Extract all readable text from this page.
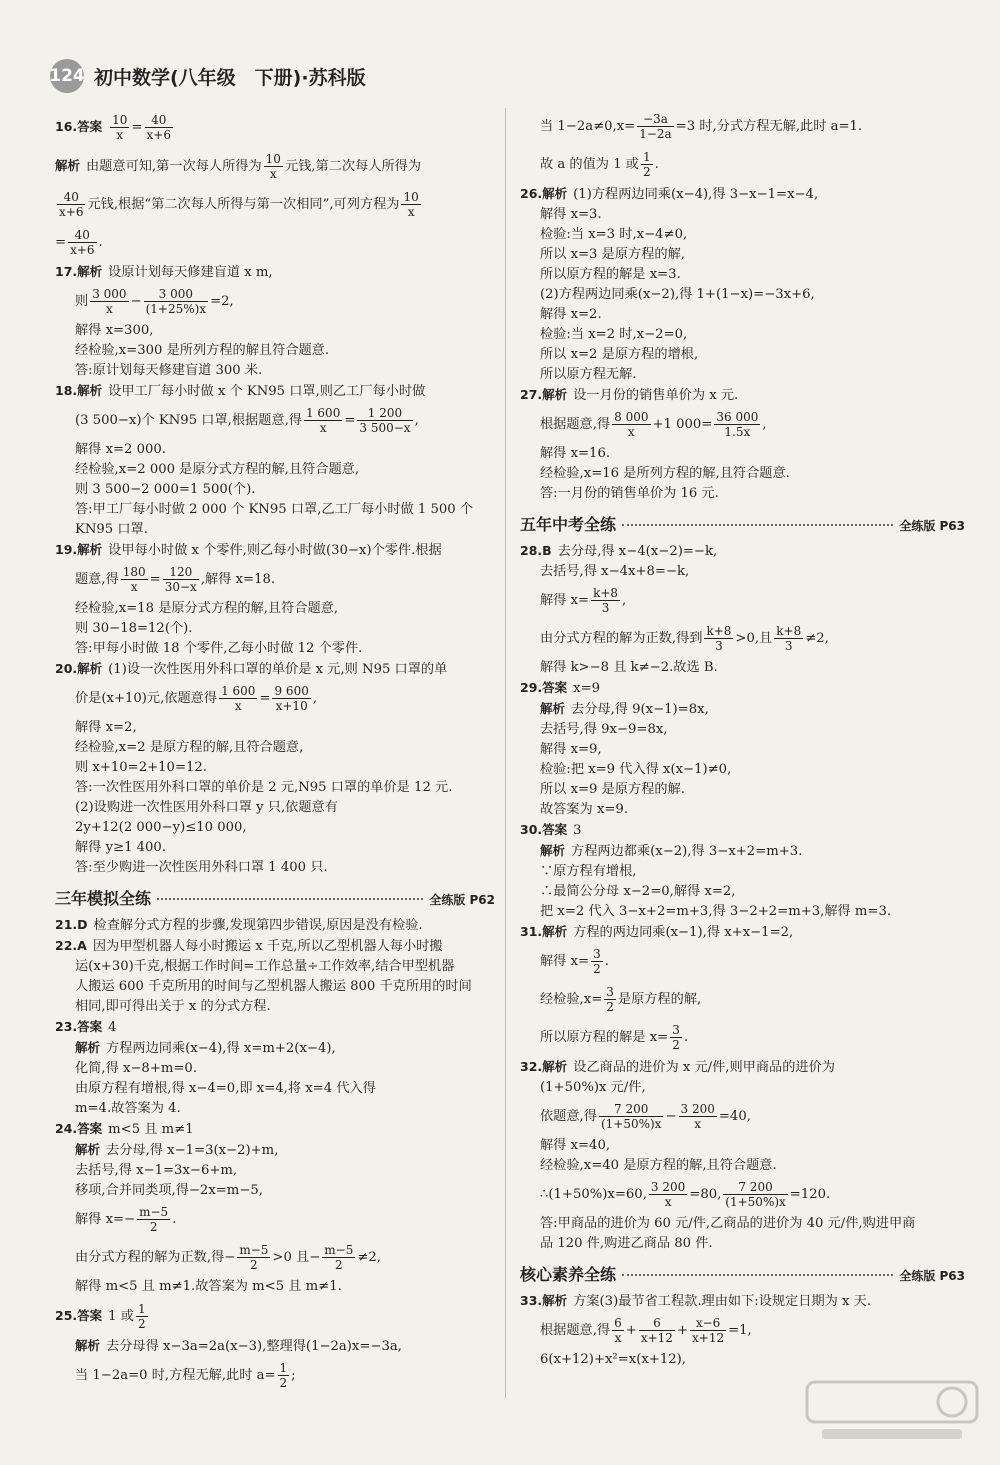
124 初中数学(八年级　下册)·苏科版
16.答案 $\frac{10}{x} = \frac{40}{x+6}$
解析 由题意可知,第一次每人所得为 $\frac{10}{x}$ 元钱,第二次每人所得为
$\frac{40}{x+6}$ 元钱,根据“第二次每人所得与第一次相同”,可列方程为 $\frac{10}{x}$
= $\frac{40}{x+6}$ .
17.解析 设原计划每天修建盲道 x m,
则 $\frac{3 000}{x} - \frac{3 000}{(1+25\%)x} =2$,
解得 x=300,
经检验,x=300 是所列方程的解且符合题意.
答:原计划每天修建盲道 300 米.
18.解析 设甲工厂每小时做 x 个 KN95 口罩,则乙工厂每小时做
(3 500−x)个 KN95 口罩,根据题意,得 $\frac{1 600}{x} = \frac{1 200}{3 500-x}$ ,
解得 x=2 000.
经检验,x=2 000 是原分式方程的解,且符合题意,
则 3 500−2 000=1 500(个).
答:甲工厂每小时做 2 000 个 KN95 口罩,乙工厂每小时做 1 500 个
KN95 口罩.
19.解析 设甲每小时做 x 个零件,则乙每小时做(30−x)个零件.根据
题意,得 $\frac{180}{x} = \frac{120}{30-x}$ ,解得 x=18.
经检验,x=18 是原分式方程的解,且符合题意,
则 30−18=12(个).
答:甲每小时做 18 个零件,乙每小时做 12 个零件.
20.解析 (1)设一次性医用外科口罩的单价是 x 元,则 N95 口罩的单
价是(x+10)元,依题意得 $\frac{1 600}{x} = \frac{9 600}{x+10}$ ,
解得 x=2,
经检验,x=2 是原方程的解,且符合题意,
则 x+10=2+10=12.
答:一次性医用外科口罩的单价是 2 元,N95 口罩的单价是 12 元.
(2)设购进一次性医用外科口罩 y 只,依题意有
2y+12(2 000−y)≤10 000,
解得 y≥1 400.
答:至少购进一次性医用外科口罩 1 400 只.
三年模拟全练	全练版 P62
21.D 检查解分式方程的步骤,发现第四步错误,原因是没有检验.
22.A 因为甲型机器人每小时搬运 x 千克,所以乙型机器人每小时搬
运(x+30)千克,根据工作时间=工作总量÷工作效率,结合甲型机器
人搬运 600 千克所用的时间与乙型机器人搬运 800 千克所用的时间
相同,即可得出关于 x 的分式方程.
23.答案 4
解析 方程两边同乘(x−4),得 x=m+2(x−4),
化简,得 x−8+m=0.
由原方程有增根,得 x−4=0,即 x=4,将 x=4 代入得
m=4.故答案为 4.
24.答案 m<5 且 m≠1
解析 去分母,得 x−1=3(x−2)+m,
去括号,得 x−1=3x−6+m,
移项,合并同类项,得−2x=m−5,
解得 $x=- \frac{m-5}{2}$ .
由分式方程的解为正数,得− $\frac{m-5}{2} >0$ 且− $\frac{m-5}{2} \ne 2$,
解得 m<5 且 m≠1.故答案为 m<5 且 m≠1.
25.答案 1 或 $\frac{1}{2}$
解析 去分母得 x−3a=2a(x−3),整理得(1−2a)x=−3a,
当 1−2a=0 时,方程无解,此时 $a= \frac{1}{2}$ ;
当 $1-2a\ne 0,x= \frac{-3a}{1-2a} =3$ 时,分式方程无解,此时 a=1.
故 a 的值为 1 或 $\frac{1}{2}$ .
26.解析 (1)方程两边同乘(x−4),得 3−x−1=x−4,
解得 x=3.
检验:当 x=3 时,x−4≠0,
所以 x=3 是原方程的解,
所以原方程的解是 x=3.
(2)方程两边同乘(x−2),得 1+(1−x)=−3x+6,
解得 x=2.
检验:当 x=2 时,x−2=0,
所以 x=2 是原方程的增根,
所以原方程无解.
27.解析 设一月份的销售单价为 x 元.
根据题意,得 $\frac{8 000}{x} +1$ $000= \frac{36 000}{1.5x}$ ,
解得 x=16.
经检验,x=16 是所列方程的解,且符合题意.
答:一月份的销售单价为 16 元.
五年中考全练	全练版 P63
28.B 去分母,得 x−4(x−2)=−k,
去括号,得 x−4x+8=−k,
解得 $x= \frac{k+8}{3}$ ,
由分式方程的解为正数,得到 $\frac{k+8}{3} >0$,且 $\frac{k+8}{3} \ne 2$,
解得 k>−8 且 k≠−2.故选 B.
29.答案 x=9
解析 去分母,得 9(x−1)=8x,
去括号,得 9x−9=8x,
解得 x=9,
检验:把 x=9 代入得 x(x−1)≠0,
所以 x=9 是原方程的解.
故答案为 x=9.
30.答案 3
解析 方程两边都乘(x−2),得 3−x+2=m+3.
∵原方程有增根,
∴最简公分母 x−2=0,解得 x=2,
把 x=2 代入 3−x+2=m+3,得 3−2+2=m+3,解得 m=3.
31.解析 方程的两边同乘(x−1),得 x+x−1=2,
解得 $x= \frac{3}{2}$ .
经检验$,x= \frac{3}{2}$ 是原方程的解,
所以原方程的解是 $x= \frac{3}{2}$ .
32.解析 设乙商品的进价为 x 元/件,则甲商品的进价为
(1+50%)x 元/件,
依题意,得 $\frac{7 200}{(1+50\%)x} - \frac{3 200}{x} =40$,
解得 x=40,
经检验,x=40 是原方程的解,且符合题意.
∴(1+50%)x=60, $\frac{3 200}{x} =80$, $\frac{7 200}{(1+50\%)x} =120$.
答:甲商品的进价为 60 元/件,乙商品的进价为 40 元/件,购进甲商
品 120 件,购进乙商品 80 件.
核心素养全练	全练版 P63
33.解析 方案(3)最节省工程款.理由如下:设规定日期为 x 天.
根据题意,得 $\frac{6}{x} + \frac{6}{x+12} + \frac{x-6}{x+12} =1$,
6(x+12)+x²=x(x+12),
